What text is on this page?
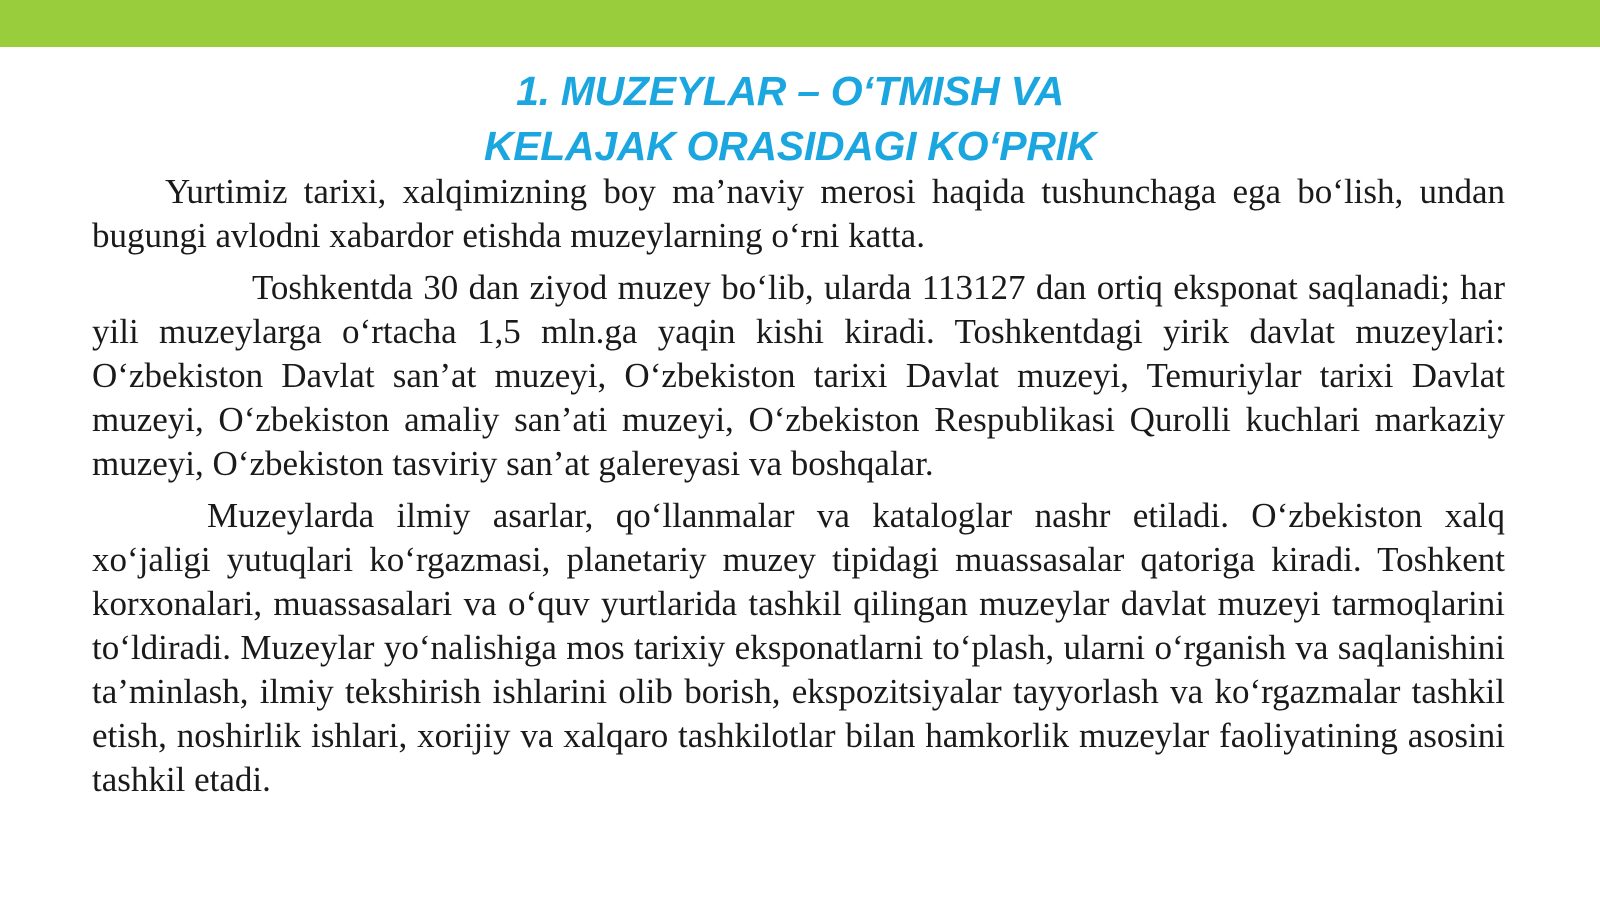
1. MUZEYLAR – O‘TMISH VA
KELAJAK ORASIDAGI KO‘PRIK

Yurtimiz tarixi, xalqimizning boy ma’naviy merosi haqida tushunchaga ega bo‘lish, undan bugungi avlodni xabardor etishda muzeylarning o‘rni katta.

Toshkentda 30 dan ziyod muzey bo‘lib, ularda 113127 dan ortiq eksponat saqlanadi; har yili muzeylarga o‘rtacha 1,5 mln.ga yaqin kishi kiradi. Toshkentdagi yirik davlat muzeylari: O‘zbekiston Davlat san’at muzeyi, O‘zbekiston tarixi Davlat muzeyi, Temuriylar tarixi Davlat muzeyi, O‘zbekiston amaliy san’ati muzeyi, O‘zbekiston Respublikasi Qurolli kuchlari markaziy muzeyi, O‘zbekiston tasviriy san’at galereyasi va boshqalar.

Muzeylarda ilmiy asarlar, qo‘llanmalar va kataloglar nashr etiladi. O‘zbekiston xalq xo‘jaligi yutuqlari ko‘rgazmasi, planetariy muzey tipidagi muassasalar qatoriga kiradi. Toshkent korxonalari, muassasalari va o‘quv yurtlarida tashkil qilingan muzeylar davlat muzeyi tarmoqlarini to‘ldiradi. Muzeylar yo‘nalishiga mos tarixiy eksponatlarni to‘plash, ularni o‘rganish va saqlanishini ta’minlash, ilmiy tekshirish ishlarini olib borish, ekspozitsiyalar tayyorlash va ko‘rgazmalar tashkil etish, noshirlik ishlari, xorijiy va xalqaro tashkilotlar bilan hamkorlik muzeylar faoliyatining asosini tashkil etadi.
